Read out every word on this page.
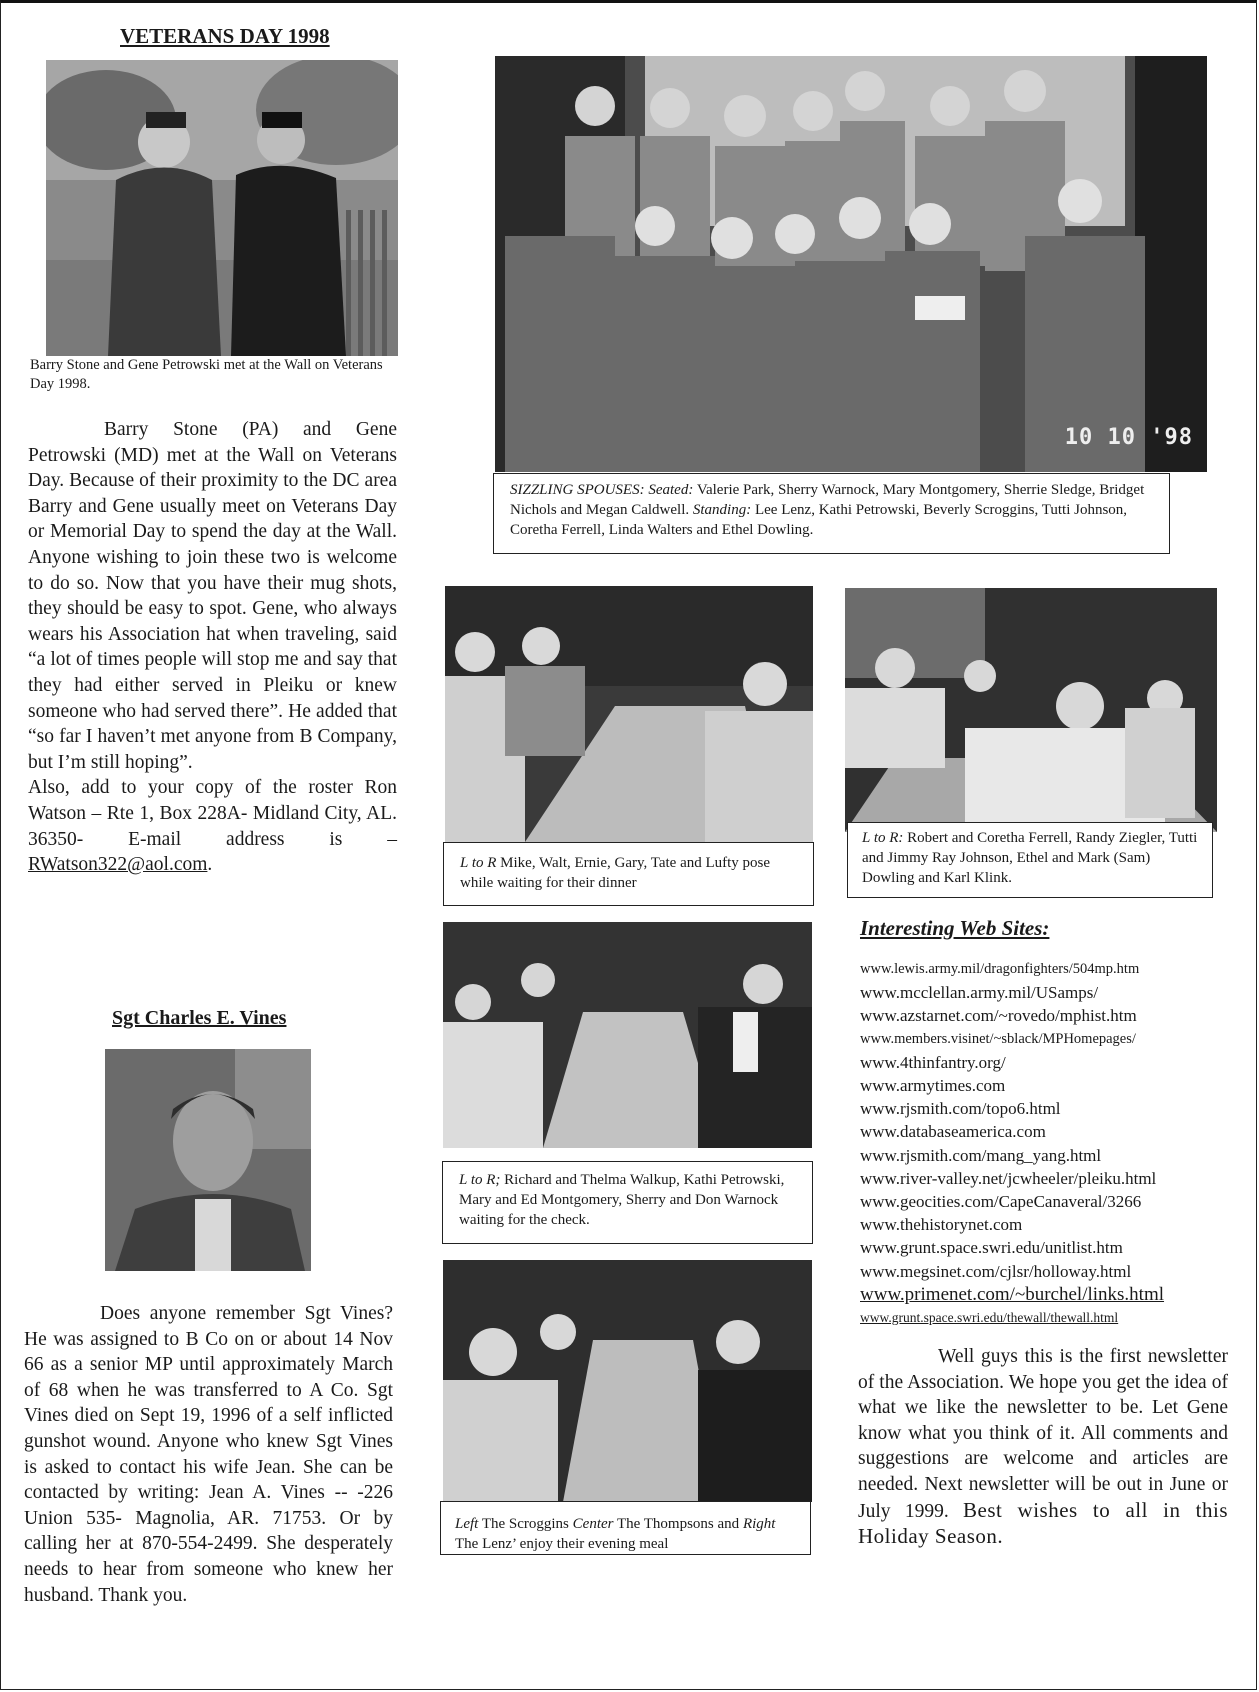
VETERANS DAY 1998
Barry Stone and Gene Petrowski met at the Wall on Veterans Day 1998.

Barry Stone (PA) and Gene Petrowski (MD) met at the Wall on Veterans Day. Because of their proximity to the DC area Barry and Gene usually meet on Veterans Day or Memorial Day to spend the day at the Wall. Anyone wishing to join these two is welcome to do so. Now that you have their mug shots, they should be easy to spot. Gene, who always wears his Association hat when traveling, said “a lot of times people will stop me and say that they had either served in Pleiku or knew someone who had served there”. He added that “so far I haven’t met anyone from B Company, but I’m still hoping”.

Also, add to your copy of the roster Ron Watson – Rte 1, Box 228A- Midland City, AL. 36350- E-mail address is – RWatson322@aol.com.

Sgt Charles E. Vines

Does anyone remember Sgt Vines? He was assigned to B Co on or about 14 Nov 66 as a senior MP until approximately March of 68 when he was transferred to A Co. Sgt Vines died on Sept 19, 1996 of a self inflicted gunshot wound. Anyone who knew Sgt Vines is asked to contact his wife Jean. She can be contacted by writing: Jean A. Vines -- -226 Union 535- Magnolia, AR. 71753. Or by calling her at 870-554-2499. She desperately needs to hear from someone who knew her husband. Thank you.

10 10 '98
SIZZLING SPOUSES: Seated: Valerie Park, Sherry Warnock, Mary Montgomery, Sherrie Sledge, Bridget Nichols and Megan Caldwell. Standing: Lee Lenz, Kathi Petrowski, Beverly Scroggins, Tutti Johnson, Coretha Ferrell, Linda Walters and Ethel Dowling.
L to R Mike, Walt, Ernie, Gary, Tate and Lufty pose while waiting for their dinner
L to R; Richard and Thelma Walkup, Kathi Petrowski, Mary and Ed Montgomery, Sherry and Don Warnock waiting for the check.
Left The Scroggins Center The Thompsons and Right The Lenz’ enjoy their evening meal
L to R: Robert and Coretha Ferrell, Randy Ziegler, Tutti and Jimmy Ray Johnson, Ethel and Mark (Sam) Dowling and Karl Klink.
Interesting Web Sites:
www.lewis.army.mil/dragonfighters/504mp.htm
www.mcclellan.army.mil/USamps/
www.azstarnet.com/~rovedo/mphist.htm
www.members.visinet/~sblack/MPHomepages/
www.4thinfantry.org/
www.armytimes.com
www.rjsmith.com/topo6.html
www.databaseamerica.com
www.rjsmith.com/mang_yang.html
www.river-valley.net/jcwheeler/pleiku.html
www.geocities.com/CapeCanaveral/3266
www.thehistorynet.com
www.grunt.space.swri.edu/unitlist.htm
www.megsinet.com/cjlsr/holloway.html
www.primenet.com/~burchel/links.html
www.grunt.space.swri.edu/thewall/thewall.html
Well guys this is the first newsletter of the Association. We hope you get the idea of what we like the newsletter to be. Let Gene know what you think of it. All comments and suggestions are welcome and articles are needed. Next newsletter will be out in June or July 1999. Best wishes to all in this Holiday Season.
